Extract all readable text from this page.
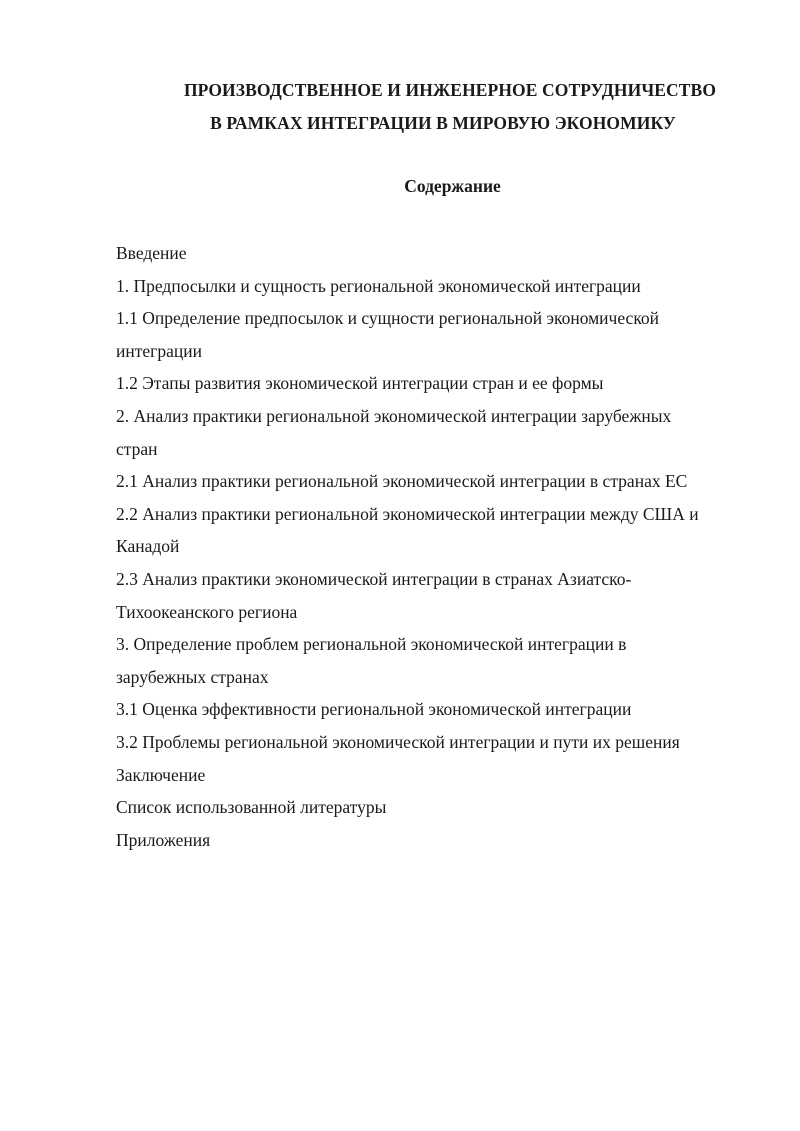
ПРОИЗВОДСТВЕННОЕ И ИНЖЕНЕРНОЕ СОТРУДНИЧЕСТВО
В РАМКАХ ИНТЕГРАЦИИ В МИРОВУЮ ЭКОНОМИКУ
Содержание
Введение
1. Предпосылки и сущность региональной экономической интеграции
1.1 Определение предпосылок и сущности региональной экономической
интеграции
1.2 Этапы развития экономической интеграции стран и ее формы
2. Анализ практики региональной экономической интеграции зарубежных
стран
2.1 Анализ практики региональной экономической интеграции в странах ЕС
2.2 Анализ практики региональной экономической интеграции между США и
Канадой
2.3 Анализ практики экономической интеграции в странах Азиатско-
Тихоокеанского региона
3. Определение проблем региональной экономической интеграции в
зарубежных странах
3.1 Оценка эффективности региональной экономической интеграции
3.2 Проблемы региональной экономической интеграции и пути их решения
Заключение
Список использованной литературы
Приложения
